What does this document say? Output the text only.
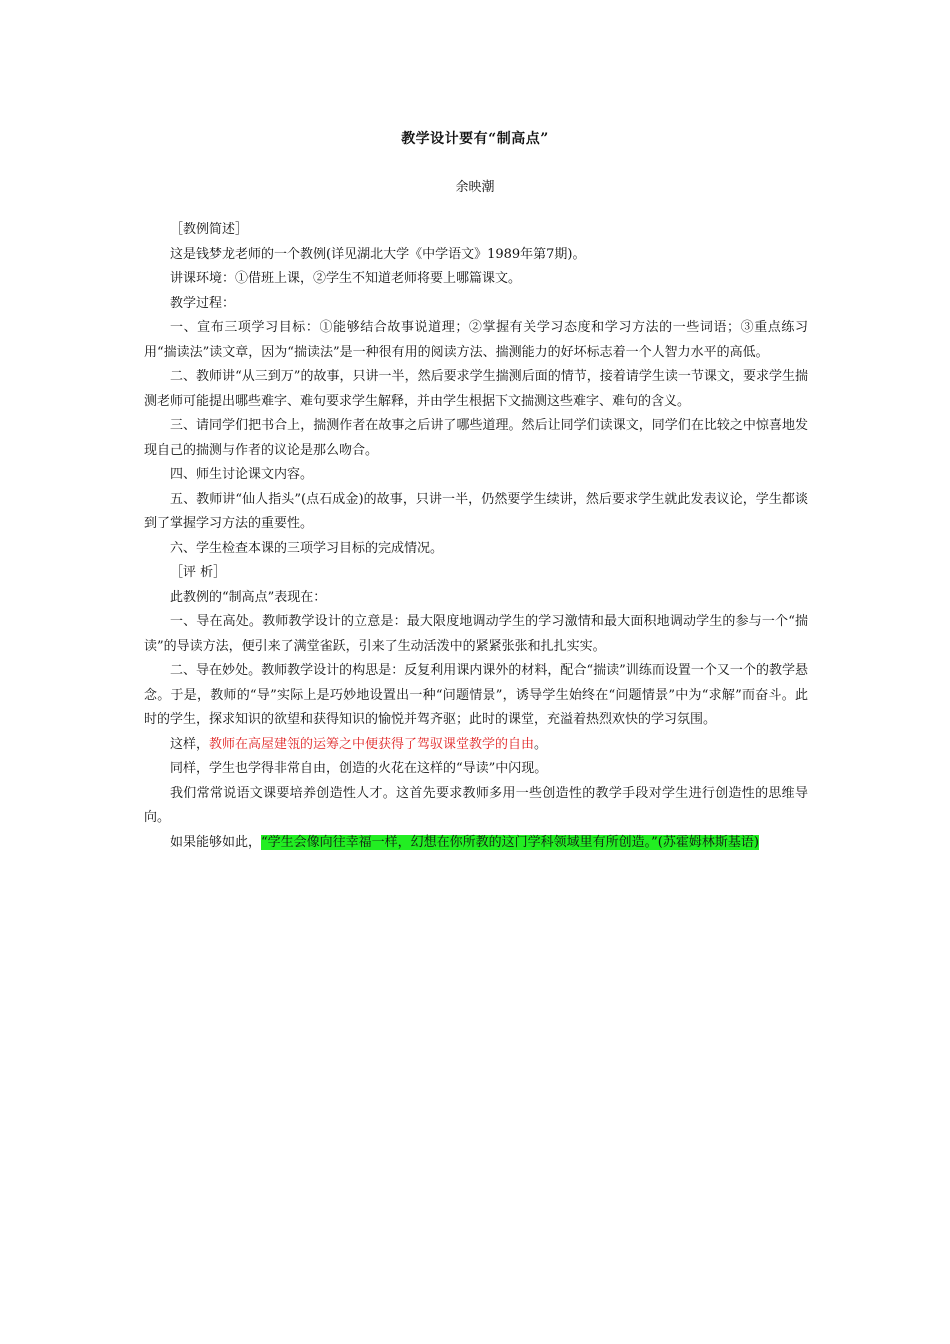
教学设计要有“制高点”
余映潮

［教例简述］

这是钱梦龙老师的一个教例(详见湖北大学《中学语文》1989年第7期)。

讲课环境：①借班上课，②学生不知道老师将要上哪篇课文。

教学过程：

一、宣布三项学习目标：①能够结合故事说道理；②掌握有关学习态度和学习方法的一些词语；③重点练习用“揣读法”读文章，因为“揣读法”是一种很有用的阅读方法、揣测能力的好坏标志着一个人智力水平的高低。

二、教师讲“从三到万”的故事，只讲一半，然后要求学生揣测后面的情节，接着请学生读一节课文，要求学生揣测老师可能提出哪些难字、难句要求学生解释，并由学生根据下文揣测这些难字、难句的含义。

三、请同学们把书合上，揣测作者在故事之后讲了哪些道理。然后让同学们读课文，同学们在比较之中惊喜地发现自己的揣测与作者的议论是那么吻合。

四、师生讨论课文内容。

五、教师讲“仙人指头”(点石成金)的故事，只讲一半，仍然要学生续讲，然后要求学生就此发表议论，学生都谈到了掌握学习方法的重要性。

六、学生检查本课的三项学习目标的完成情况。

［评 析］

此教例的“制高点”表现在：

一、导在高处。教师教学设计的立意是：最大限度地调动学生的学习激情和最大面积地调动学生的参与一个“揣读”的导读方法，便引来了满堂雀跃，引来了生动活泼中的紧紧张张和扎扎实实。

二、导在妙处。教师教学设计的构思是：反复利用课内课外的材料，配合“揣读”训练而设置一个又一个的教学悬念。于是，教师的“导”实际上是巧妙地设置出一种“问题情景”，诱导学生始终在“问题情景”中为“求解”而奋斗。此时的学生，探求知识的欲望和获得知识的愉悦并驾齐驱；此时的课堂，充溢着热烈欢快的学习氛围。

这样，教师在高屋建瓴的运筹之中便获得了驾驭课堂教学的自由。

同样，学生也学得非常自由，创造的火花在这样的“导读”中闪现。

我们常常说语文课要培养创造性人才。这首先要求教师多用一些创造性的教学手段对学生进行创造性的思维导向。

如果能够如此，“学生会像向往幸福一样，幻想在你所教的这门学科领域里有所创造。”(苏霍姆林斯基语)
